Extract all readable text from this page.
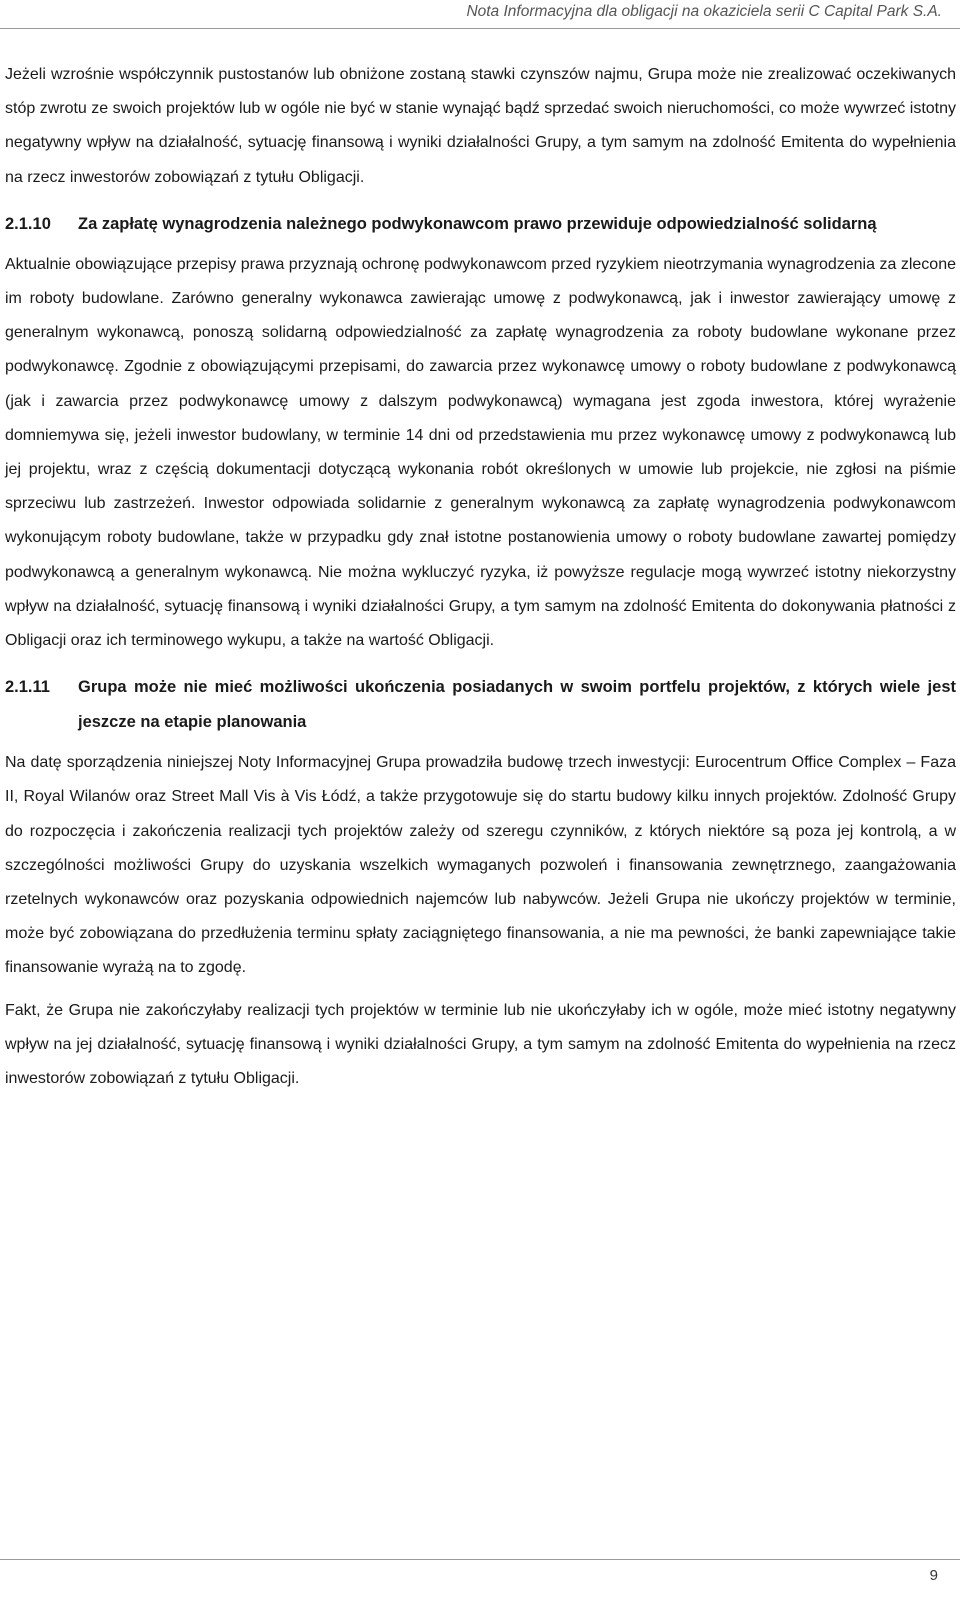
Nota Informacyjna dla obligacji na okaziciela serii C Capital Park S.A.

Jeżeli wzrośnie współczynnik pustostanów lub obniżone zostaną stawki czynszów najmu, Grupa może nie zrealizować oczekiwanych stóp zwrotu ze swoich projektów lub w ogóle nie być w stanie wynająć bądź sprzedać swoich nieruchomości, co może wywrzeć istotny negatywny wpływ na działalność, sytuację finansową i wyniki działalności Grupy, a tym samym na zdolność Emitenta do wypełnienia na rzecz inwestorów zobowiązań z tytułu Obligacji.

2.1.10	Za zapłatę wynagrodzenia należnego podwykonawcom prawo przewiduje odpowiedzialność solidarną

Aktualnie obowiązujące przepisy prawa przyznają ochronę podwykonawcom przed ryzykiem nieotrzymania wynagrodzenia za zlecone im roboty budowlane. Zarówno generalny wykonawca zawierając umowę z podwykonawcą, jak i inwestor zawierający umowę z generalnym wykonawcą, ponoszą solidarną odpowiedzialność za zapłatę wynagrodzenia za roboty budowlane wykonane przez podwykonawcę. Zgodnie z obowiązującymi przepisami, do zawarcia przez wykonawcę umowy o roboty budowlane z podwykonawcą (jak i zawarcia przez podwykonawcę umowy z dalszym podwykonawcą) wymagana jest zgoda inwestora, której wyrażenie domniemywa się, jeżeli inwestor budowlany, w terminie 14 dni od przedstawienia mu przez wykonawcę umowy z podwykonawcą lub jej projektu, wraz z częścią dokumentacji dotyczącą wykonania robót określonych w umowie lub projekcie, nie zgłosi na piśmie sprzeciwu lub zastrzeżeń. Inwestor odpowiada solidarnie z generalnym wykonawcą za zapłatę wynagrodzenia podwykonawcom wykonującym roboty budowlane, także w przypadku gdy znał istotne postanowienia umowy o roboty budowlane zawartej pomiędzy podwykonawcą a generalnym wykonawcą. Nie można wykluczyć ryzyka, iż powyższe regulacje mogą wywrzeć istotny niekorzystny wpływ na działalność, sytuację finansową i wyniki działalności Grupy, a tym samym na zdolność Emitenta do dokonywania płatności z Obligacji oraz ich terminowego wykupu, a także na wartość Obligacji.

2.1.11	Grupa może nie mieć możliwości ukończenia posiadanych w swoim portfelu projektów, z których wiele jest jeszcze na etapie planowania

Na datę sporządzenia niniejszej Noty Informacyjnej Grupa prowadziła budowę trzech inwestycji: Eurocentrum Office Complex – Faza II, Royal Wilanów oraz Street Mall Vis à Vis Łódź, a także przygotowuje się do startu budowy kilku innych projektów. Zdolność Grupy do rozpoczęcia i zakończenia realizacji tych projektów zależy od szeregu czynników, z których niektóre są poza jej kontrolą, a w szczególności możliwości Grupy do uzyskania wszelkich wymaganych pozwoleń i finansowania zewnętrznego, zaangażowania rzetelnych wykonawców oraz pozyskania odpowiednich najemców lub nabywców. Jeżeli Grupa nie ukończy projektów w terminie, może być zobowiązana do przedłużenia terminu spłaty zaciągniętego finansowania, a nie ma pewności, że banki zapewniające takie finansowanie wyrażą na to zgodę.

Fakt, że Grupa nie zakończyłaby realizacji tych projektów w terminie lub nie ukończyłaby ich w ogóle, może mieć istotny negatywny wpływ na jej działalność, sytuację finansową i wyniki działalności Grupy, a tym samym na zdolność Emitenta do wypełnienia na rzecz inwestorów zobowiązań z tytułu Obligacji.

9
